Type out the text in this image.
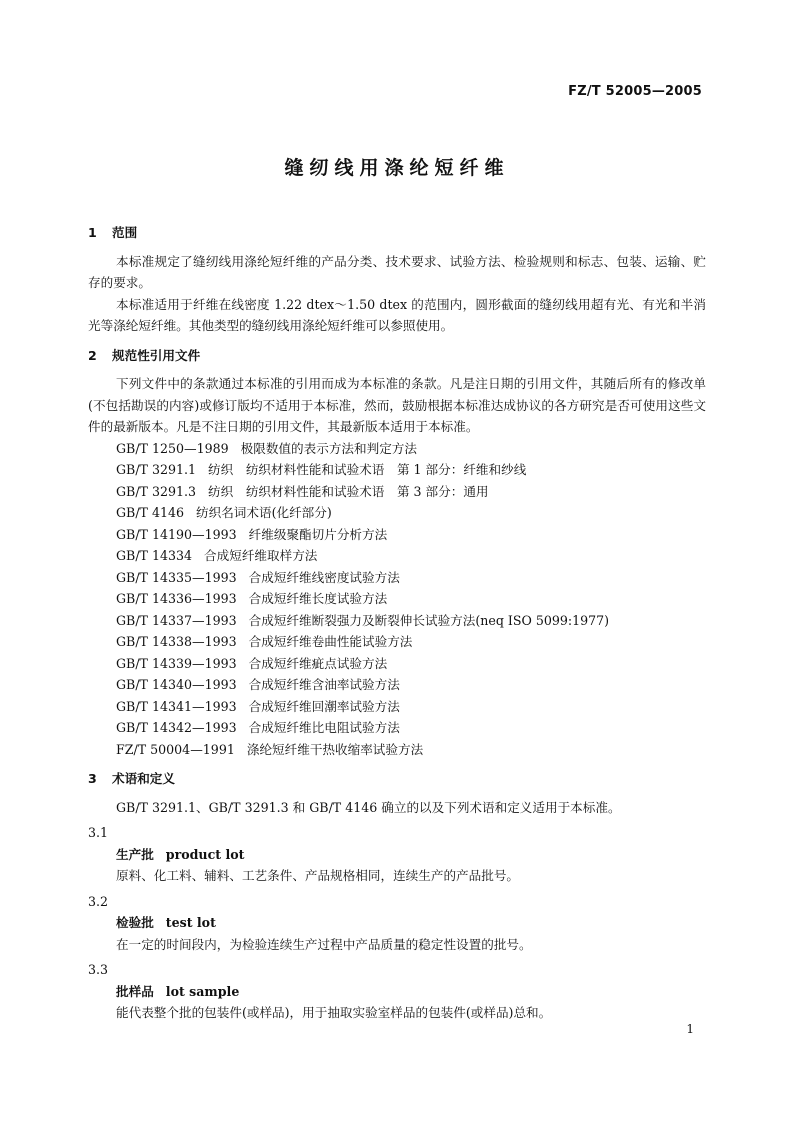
FZ/T 52005—2005
缝纫线用涤纶短纤维
1 范围

本标准规定了缝纫线用涤纶短纤维的产品分类、技术要求、试验方法、检验规则和标志、包装、运输、贮存的要求。

本标准适用于纤维在线密度 1.22 dtex～1.50 dtex 的范围内，圆形截面的缝纫线用超有光、有光和半消光等涤纶短纤维。其他类型的缝纫线用涤纶短纤维可以参照使用。

2 规范性引用文件

下列文件中的条款通过本标准的引用而成为本标准的条款。凡是注日期的引用文件，其随后所有的修改单(不包括勘误的内容)或修订版均不适用于本标准，然而，鼓励根据本标准达成协议的各方研究是否可使用这些文件的最新版本。凡是不注日期的引用文件，其最新版本适用于本标准。

GB/T 1250—1989 极限数值的表示方法和判定方法
GB/T 3291.1 纺织　纺织材料性能和试验术语　第 1 部分：纤维和纱线
GB/T 3291.3 纺织　纺织材料性能和试验术语　第 3 部分：通用
GB/T 4146 纺织名词术语(化纤部分)
GB/T 14190—1993 纤维级聚酯切片分析方法
GB/T 14334 合成短纤维取样方法
GB/T 14335—1993 合成短纤维线密度试验方法
GB/T 14336—1993 合成短纤维长度试验方法
GB/T 14337—1993 合成短纤维断裂强力及断裂伸长试验方法(neq ISO 5099:1977)
GB/T 14338—1993 合成短纤维卷曲性能试验方法
GB/T 14339—1993 合成短纤维疵点试验方法
GB/T 14340—1993 合成短纤维含油率试验方法
GB/T 14341—1993 合成短纤维回潮率试验方法
GB/T 14342—1993 合成短纤维比电阻试验方法
FZ/T 50004—1991 涤纶短纤维干热收缩率试验方法
3 术语和定义

GB/T 3291.1、GB/T 3291.3 和 GB/T 4146 确立的以及下列术语和定义适用于本标准。

3.1
生产批 product lot
原料、化工料、辅料、工艺条件、产品规格相同，连续生产的产品批号。
3.2
检验批 test lot
在一定的时间段内，为检验连续生产过程中产品质量的稳定性设置的批号。
3.3
批样品 lot sample
能代表整个批的包装件(或样品)，用于抽取实验室样品的包装件(或样品)总和。
1
